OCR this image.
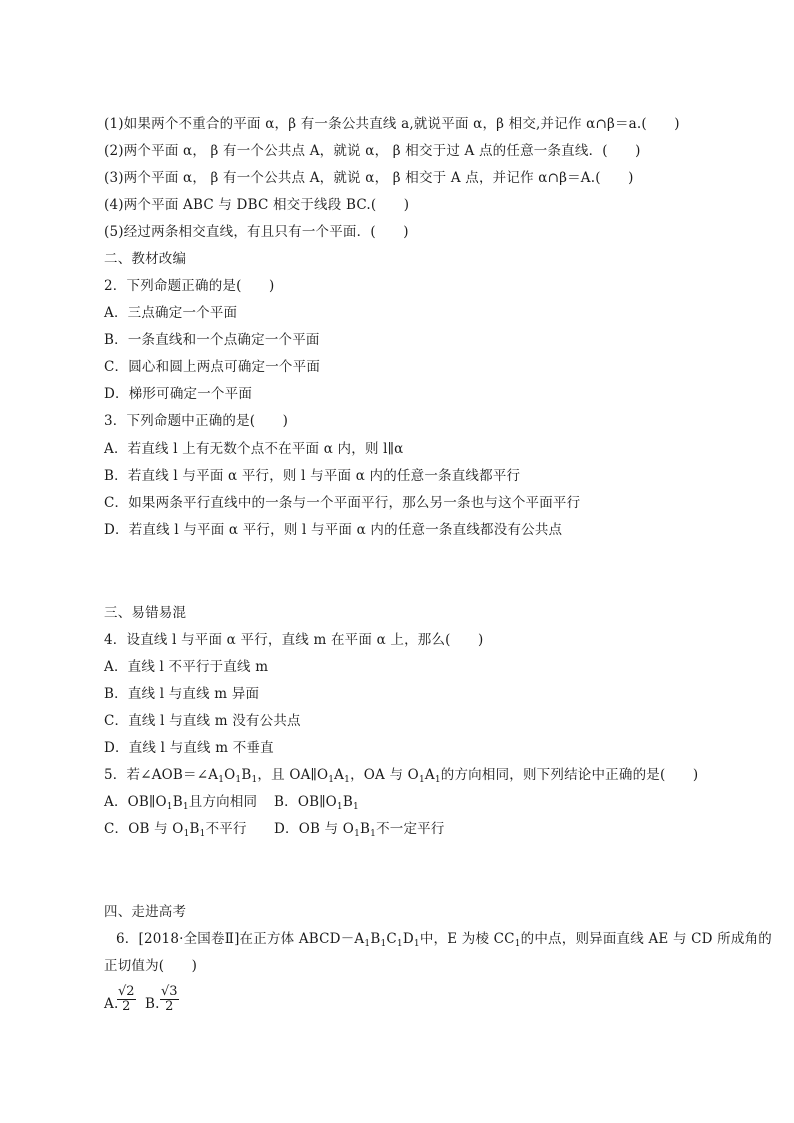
(1)如果两个不重合的平面 α，β 有一条公共直线 a,就说平面 α，β 相交,并记作 α∩β＝a.(　　)
(2)两个平面 α， β 有一个公共点 A，就说 α， β 相交于过 A 点的任意一条直线．(　　)
(3)两个平面 α， β 有一个公共点 A，就说 α， β 相交于 A 点，并记作 α∩β＝A.(　　)
(4)两个平面 ABC 与 DBC 相交于线段 BC.(　　)
(5)经过两条相交直线，有且只有一个平面．(　　)
二、教材改编
2．下列命题正确的是(　　)
A．三点确定一个平面
B．一条直线和一个点确定一个平面
C．圆心和圆上两点可确定一个平面
D．梯形可确定一个平面
3．下列命题中正确的是(　　)
A．若直线 l 上有无数个点不在平面 α 内，则 l∥α
B．若直线 l 与平面 α 平行，则 l 与平面 α 内的任意一条直线都平行
C．如果两条平行直线中的一条与一个平面平行，那么另一条也与这个平面平行
D．若直线 l 与平面 α 平行，则 l 与平面 α 内的任意一条直线都没有公共点
三、易错易混
4．设直线 l 与平面 α 平行，直线 m 在平面 α 上，那么(　　)
A．直线 l 不平行于直线 m
B．直线 l 与直线 m 异面
C．直线 l 与直线 m 没有公共点
D．直线 l 与直线 m 不垂直
5．若$\angle AOB=\angle A_1O_1B_1$，且 $OA\parallel O_1A_1$，OA 与 $O_1A_1$的方向相同，则下列结论中正确的是(　　)
A．$OB\parallel O_1B_1$且方向相同 B．$OB\parallel O_1B_1$
C．OB 与 $O_1B_1$不平行 D．OB 与 $O_1B_1$不一定平行
四、走进高考
6．[2018·全国卷Ⅱ]在正方体 $ABCD-A_1B_1C_1D_1$中，E 为棱 $CC_1$的中点，则异面直线 AE 与 CD 所成角的
正切值为(　　)
A.
$\frac{√2}{2} B$. $\frac{√3}{2}$
